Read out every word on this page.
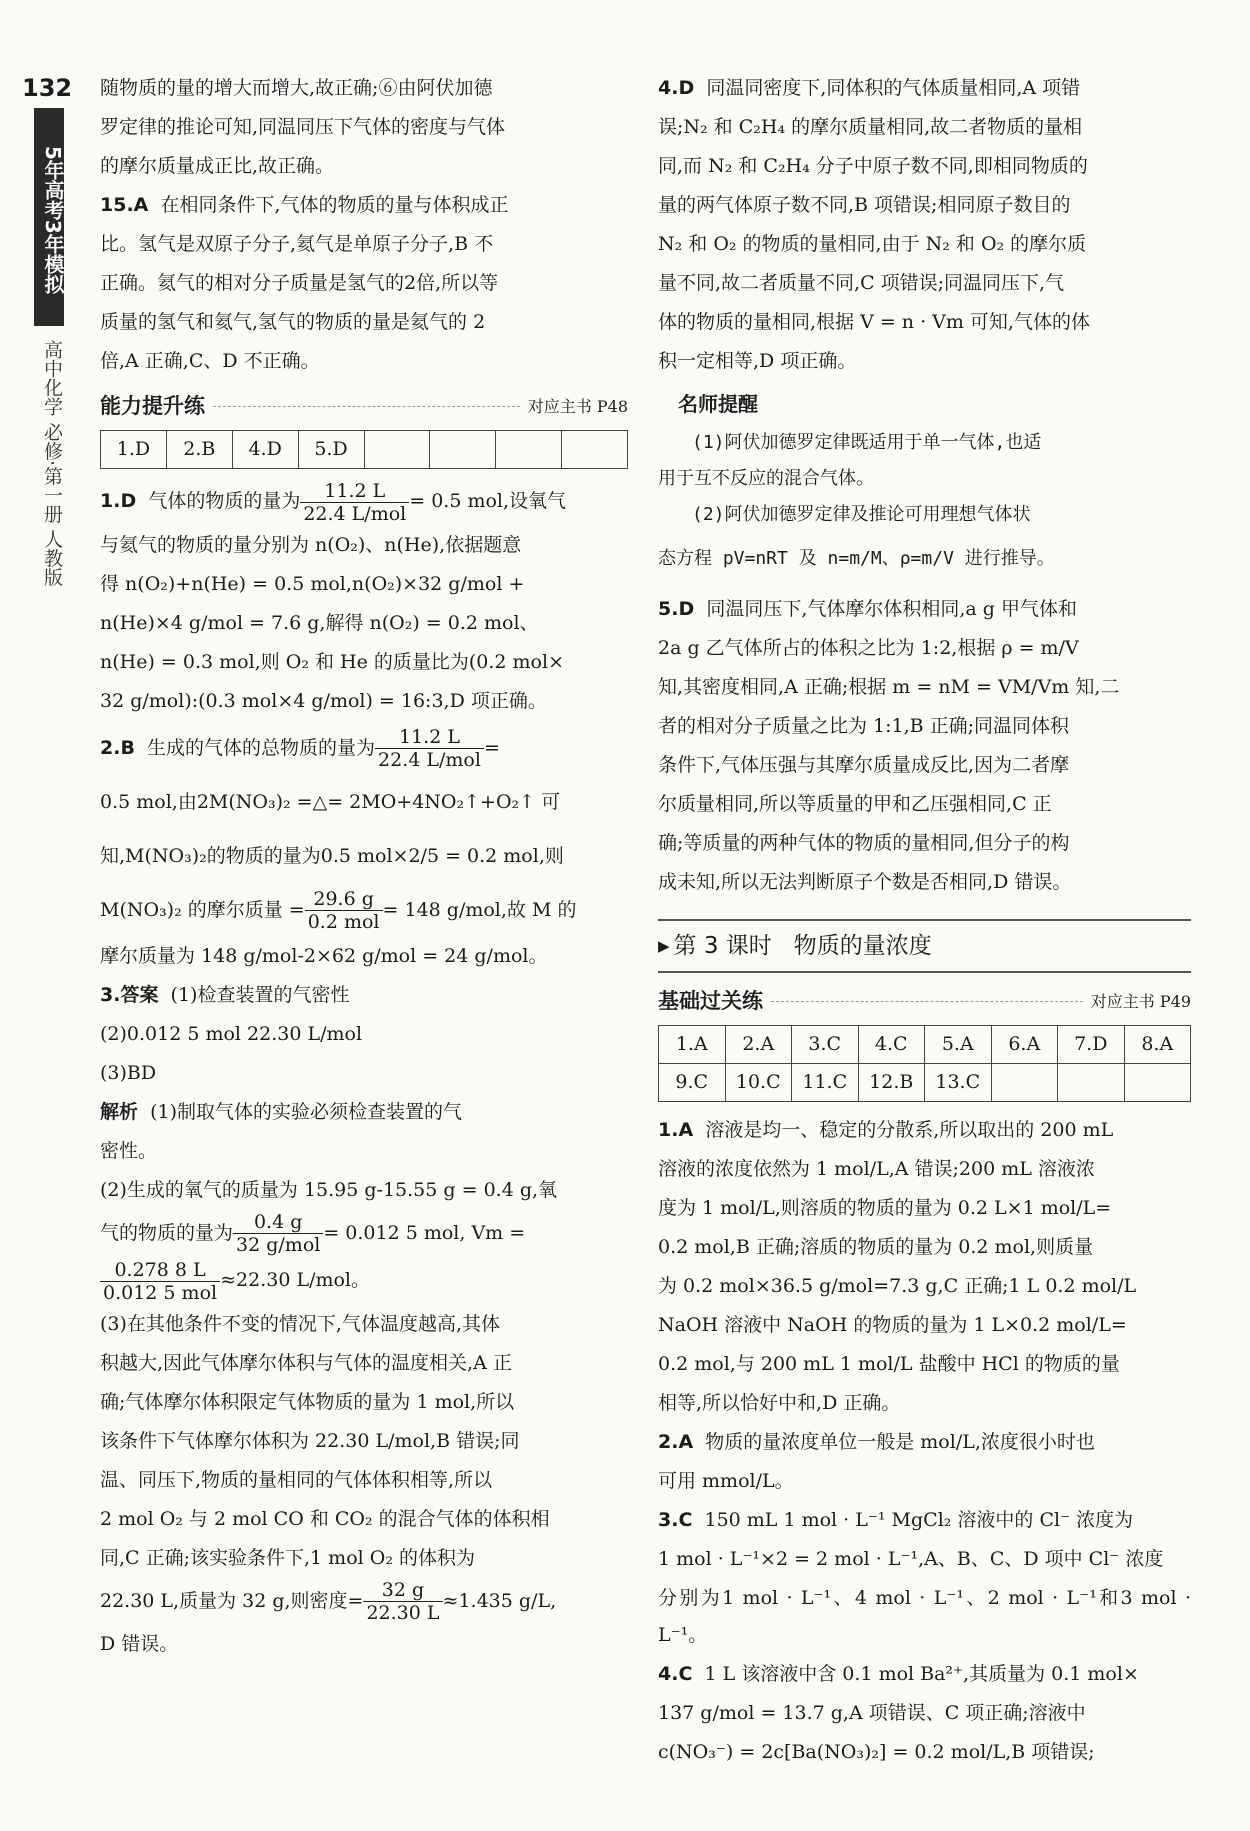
132
5年高考3年模拟
高中化学 必修·第一册 人教版

随物质的量的增大而增大,故正确;⑥由阿伏加德

罗定律的推论可知,同温同压下气体的密度与气体

的摩尔质量成正比,故正确。

15.A 在相同条件下,气体的物质的量与体积成正

比。氢气是双原子分子,氦气是单原子分子,B 不

正确。氦气的相对分子质量是氢气的2倍,所以等

质量的氢气和氦气,氢气的物质的量是氦气的 2

倍,A 正确,C、D 不正确。

能力提升练	对应主书 P48
1.D	2.B	4.D	5.D				

1.D 气体的物质的量为 $\frac{11.2 L}{\text{22.4 L/mol}} = 0.5$ mol,设氧气

与氦气的物质的量分别为 n(O₂)、n(He),依据题意

得 n(O₂)+n(He) = 0.5 mol,n(O₂)×32 g/mol +

n(He)×4 g/mol = 7.6 g,解得 n(O₂) = 0.2 mol、

n(He) = 0.3 mol,则 O₂ 和 He 的质量比为(0.2 mol×

32 g/mol):(0.3 mol×4 g/mol) = 16:3,D 项正确。

2.B 生成的气体的总物质的量为 $\frac{11.2 L}{\text{22.4 L/mol}}$ =

0.5 mol,由2M(NO₃)₂ =△= 2MO+4NO₂↑+O₂↑ 可

知,M(NO₃)₂的物质的量为0.5 mol×2/5 = 0.2 mol,则

M(NO₃)₂ 的摩尔质量 = $\frac{29.6 g}{\text{0.2 mol}} = 148$ g/mol,故 M 的

摩尔质量为 148 g/mol-2×62 g/mol = 24 g/mol。

3.答案 (1)检查装置的气密性

(2)0.012 5 mol 22.30 L/mol

(3)BD

解析 (1)制取气体的实验必须检查装置的气

密性。

(2)生成的氧气的质量为 15.95 g-15.55 g = 0.4 g,氧

气的物质的量为 $\frac{0.4 g}{\text{32 g/mol}} = 0.012$ 5 mol, Vm =

$\frac{0.278 8 L}{\text{0.012 5 mol}} \approx 22.30$ L/mol。

(3)在其他条件不变的情况下,气体温度越高,其体

积越大,因此气体摩尔体积与气体的温度相关,A 正

确;气体摩尔体积限定气体物质的量为 1 mol,所以

该条件下气体摩尔体积为 22.30 L/mol,B 错误;同

温、同压下,物质的量相同的气体体积相等,所以

2 mol O₂ 与 2 mol CO 和 CO₂ 的混合气体的体积相

同,C 正确;该实验条件下,1 mol O₂ 的体积为

22.30 L,质量为 32 g,则密度= $\frac{32 g}{22.30 L} \approx 1.435$ g/L,

D 错误。

4.D 同温同密度下,同体积的气体质量相同,A 项错

误;N₂ 和 C₂H₄ 的摩尔质量相同,故二者物质的量相

同,而 N₂ 和 C₂H₄ 分子中原子数不同,即相同物质的

量的两气体原子数不同,B 项错误;相同原子数目的

N₂ 和 O₂ 的物质的量相同,由于 N₂ 和 O₂ 的摩尔质

量不同,故二者质量不同,C 项错误;同温同压下,气

体的物质的量相同,根据 V = n · Vm 可知,气体的体

积一定相等,D 项正确。

名师提醒

(1)阿伏加德罗定律既适用于单一气体,也适

用于互不反应的混合气体。

(2)阿伏加德罗定律及推论可用理想气体状

态方程 pV=nRT 及 n=m/M、ρ=m/V 进行推导。

5.D 同温同压下,气体摩尔体积相同,a g 甲气体和

2a g 乙气体所占的体积之比为 1:2,根据 ρ = m/V

知,其密度相同,A 正确;根据 m = nM = VM/Vm 知,二

者的相对分子质量之比为 1:1,B 正确;同温同体积

条件下,气体压强与其摩尔质量成反比,因为二者摩

尔质量相同,所以等质量的甲和乙压强相同,C 正

确;等质量的两种气体的物质的量相同,但分子的构

成未知,所以无法判断原子个数是否相同,D 错误。

▶ 第 3 课时
物质的量浓度
基础过关练	对应主书 P49
1.A	2.A	3.C	4.C	5.A	6.A	7.D	8.A
9.C	10.C	11.C	12.B	13.C			

1.A 溶液是均一、稳定的分散系,所以取出的 200 mL

溶液的浓度依然为 1 mol/L,A 错误;200 mL 溶液浓

度为 1 mol/L,则溶质的物质的量为 0.2 L×1 mol/L=

0.2 mol,B 正确;溶质的物质的量为 0.2 mol,则质量

为 0.2 mol×36.5 g/mol=7.3 g,C 正确;1 L 0.2 mol/L

NaOH 溶液中 NaOH 的物质的量为 1 L×0.2 mol/L=

0.2 mol,与 200 mL 1 mol/L 盐酸中 HCl 的物质的量

相等,所以恰好中和,D 正确。

2.A 物质的量浓度单位一般是 mol/L,浓度很小时也

可用 mmol/L。

3.C 150 mL 1 mol · L⁻¹ MgCl₂ 溶液中的 Cl⁻ 浓度为

1 mol · L⁻¹×2 = 2 mol · L⁻¹,A、B、C、D 项中 Cl⁻ 浓度

分别为1 mol · L⁻¹、4 mol · L⁻¹、2 mol · L⁻¹和3 mol · L⁻¹。

4.C 1 L 该溶液中含 0.1 mol Ba²⁺,其质量为 0.1 mol×

137 g/mol = 13.7 g,A 项错误、C 项正确;溶液中

c(NO₃⁻) = 2c[Ba(NO₃)₂] = 0.2 mol/L,B 项错误;
